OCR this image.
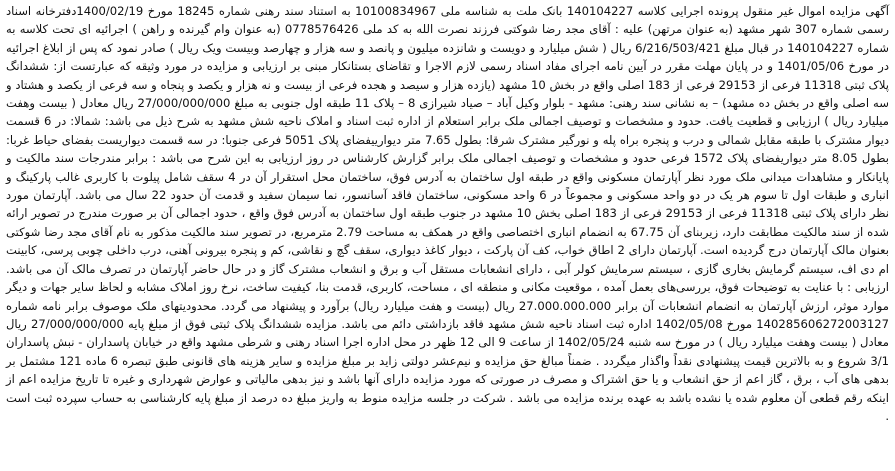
آگهی مزایده اموال غیر منقول پرونده اجرایی کلاسه 140104227 بانک ملت به شناسه ملی 10100834967 به استناد سند رهنی شماره 18245 مورخ 1400/02/19دفترخانه اسناد رسمی شماره 307 شهر مشهد (به عنوان مرتهن) علیه : آقای مجد رضا شوکتی فرزند نصرت الله به کد ملی 0778576426 (به عنوان وام گیرنده و راهن ) اجرائیه ای تحت کلاسه به شماره 140104227 در قبال مبلغ 6/216/503/421 ریال ( شش میلیارد و دویست و شانزده میلیون و پانصد و سه هزار و چهارصد وبیست ویک ریال ) صادر نمود که پس از ابلاغ اجرائیه در مورخ 1401/05/06 و در پایان مهلت مقرر در آیین نامه اجرای مفاد اسناد رسمی لازم الاجرا و تقاضای بستانکار مبنی بر ارزیابی و مزایده در مورد وثیقه که عبارتست از: ششدانگ پلاک ثبتی 11318 فرعی از 29153 فرعی از 183 اصلی واقع در بخش 10 مشهد (یازده هزار و سیصد و هجده فرعی از بیست و نه هزار و یکصد و پنجاه و سه فرعی از یکصد و هشتاد و سه اصلی واقع در بخش ده مشهد) – به نشانی سند رهنی: مشهد - بلوار وکیل آباد – صیاد شیرازی 8 – پلاک 11 طبقه اول جنوبی به مبلغ 27/000/000/000 ریال معادل ( بیست وهفت میلیارد ریال ) ارزیابی و قطعیت یافت. حدود و مشخصات و توصیف اجمالی ملک برابر استعلام از اداره ثبت اسناد و املاک ناحیه شش مشهد به شرح ذیل می باشد: شمالا: در 6 قسمت دیوار مشترک با طبقه مقابل شمالی و درب و پنجره براه پله و نورگیر مشترک شرقا: بطول 7.65 متر دیوارییفضای پلاک 5051 فرعی جنوبا: در سه قسمت دیواریست بفضای حیاط غربا: بطول 8.05 متر دیواریفضای پلاک 1572 فرعی حدود و مشخصات و توصیف اجمالی ملک برابر گزارش کارشناس در روز ارزیابی به این شرح می باشد : برابر مندرجات سند مالکیت و پایانکار و مشاهدات میدانی ملک مورد نظر آپارتمان مسکونی واقع در طبقه اول ساختمان به آدرس فوق، ساختمان محل استقرار آن در 4 سقف شامل پیلوت با کاربری غالب پارکینگ و انباری و طبقات اول تا سوم هر یک در دو واحد مسکونی و مجموعاً در 6 واحد مسکونی، ساختمان فاقد آسانسور، نما سیمان سفید و قدمت آن حدود 22 سال می باشد. آپارتمان مورد نظر دارای پلاک ثبتی 11318 فرعی از 29153 فرعی از 183 اصلی بخش 10 مشهد در جنوب طبقه اول ساختمان به آدرس فوق واقع ، حدود اجمالی آن بر صورت مندرج در تصویر ارائه شده از سند مالکیت مطابقت دارد، زیربنای آن 67.75 به انضمام انباری اختصاصی واقع در همکف به مساحت 2.79 مترمربع، در تصویر سند مالکیت مذکور به نام آقای مجد رضا شوکتی بعنوان مالک آپارتمان درج گردیده است. آپارتمان دارای 2 اطاق خواب، کف آن پارکت ، دیوار کاغذ دیواری، سقف گچ و نقاشی، کم و پنجره بیرونی آهنی، درب داخلی چوبی پرسی، کابینت ام دی اف، سیستم گرمایش بخاری گازی ، سیستم سرمایش کولر آبی ، دارای انشعابات مستقل آب و برق و انشعاب مشترک گاز و در حال حاضر آپارتمان در تصرف مالک آن می باشد. ارزیابی : با عنایت به توضیحات فوق، بررسی‌های بعمل آمده ، موقعیت مکانی و منطقه ای ، مساحت، کاربری، قدمت بنا، کیفیت ساخت، نرخ روز املاک مشابه و لحاظ سایر جهات و دیگر موارد موثر، ارزش آپارتمان به انضمام انشعابات آن برابر 27.000.000.000 ریال (بیست و هفت میلیارد ریال) برآورد و پیشنهاد می گردد. محدودیتهای ملک موصوف برابر نامه شماره 140285606272003127 مورخ 1402/05/08 اداره ثبت اسناد ناحیه شش مشهد فاقد بازداشتی دائم می باشد. مزایده ششدانگ پلاک ثبتی فوق از مبلغ پایه 27/000/000/000 ریال معادل ( بیست وهفت میلیارد ریال ) در مورخ سه شنبه 1402/05/24 از ساعت 9 الی 12 ظهر در محل اداره اجرا اسناد رهنی و شرطی مشهد واقع در خیابان پاسداران - نبش پاسداران 3/1 شروع و به بالاترین قیمت پیشنهادی نقداً واگذار میگردد . ضمناً مبالغ حق مزایده و نیم‌عشر دولتی زاید بر مبلغ مزایده و سایر هزینه های قانونی طبق تبصره 6 ماده 121 مشتمل بر بدهی های آب ، برق ، گاز اعم از حق انشعاب و یا حق اشتراک و مصرف در صورتی که مورد مزایده دارای آنها باشد و نیز بدهی مالیاتی و عوارض شهرداری و غیره تا تاریخ مزایده اعم از اینکه رقم قطعی آن معلوم شده یا نشده باشد به عهده برنده مزایده می باشد . شرکت در جلسه مزایده منوط به واریز مبلغ ده درصد از مبلغ پایه کارشناسی به حساب سپرده ثبت است .
